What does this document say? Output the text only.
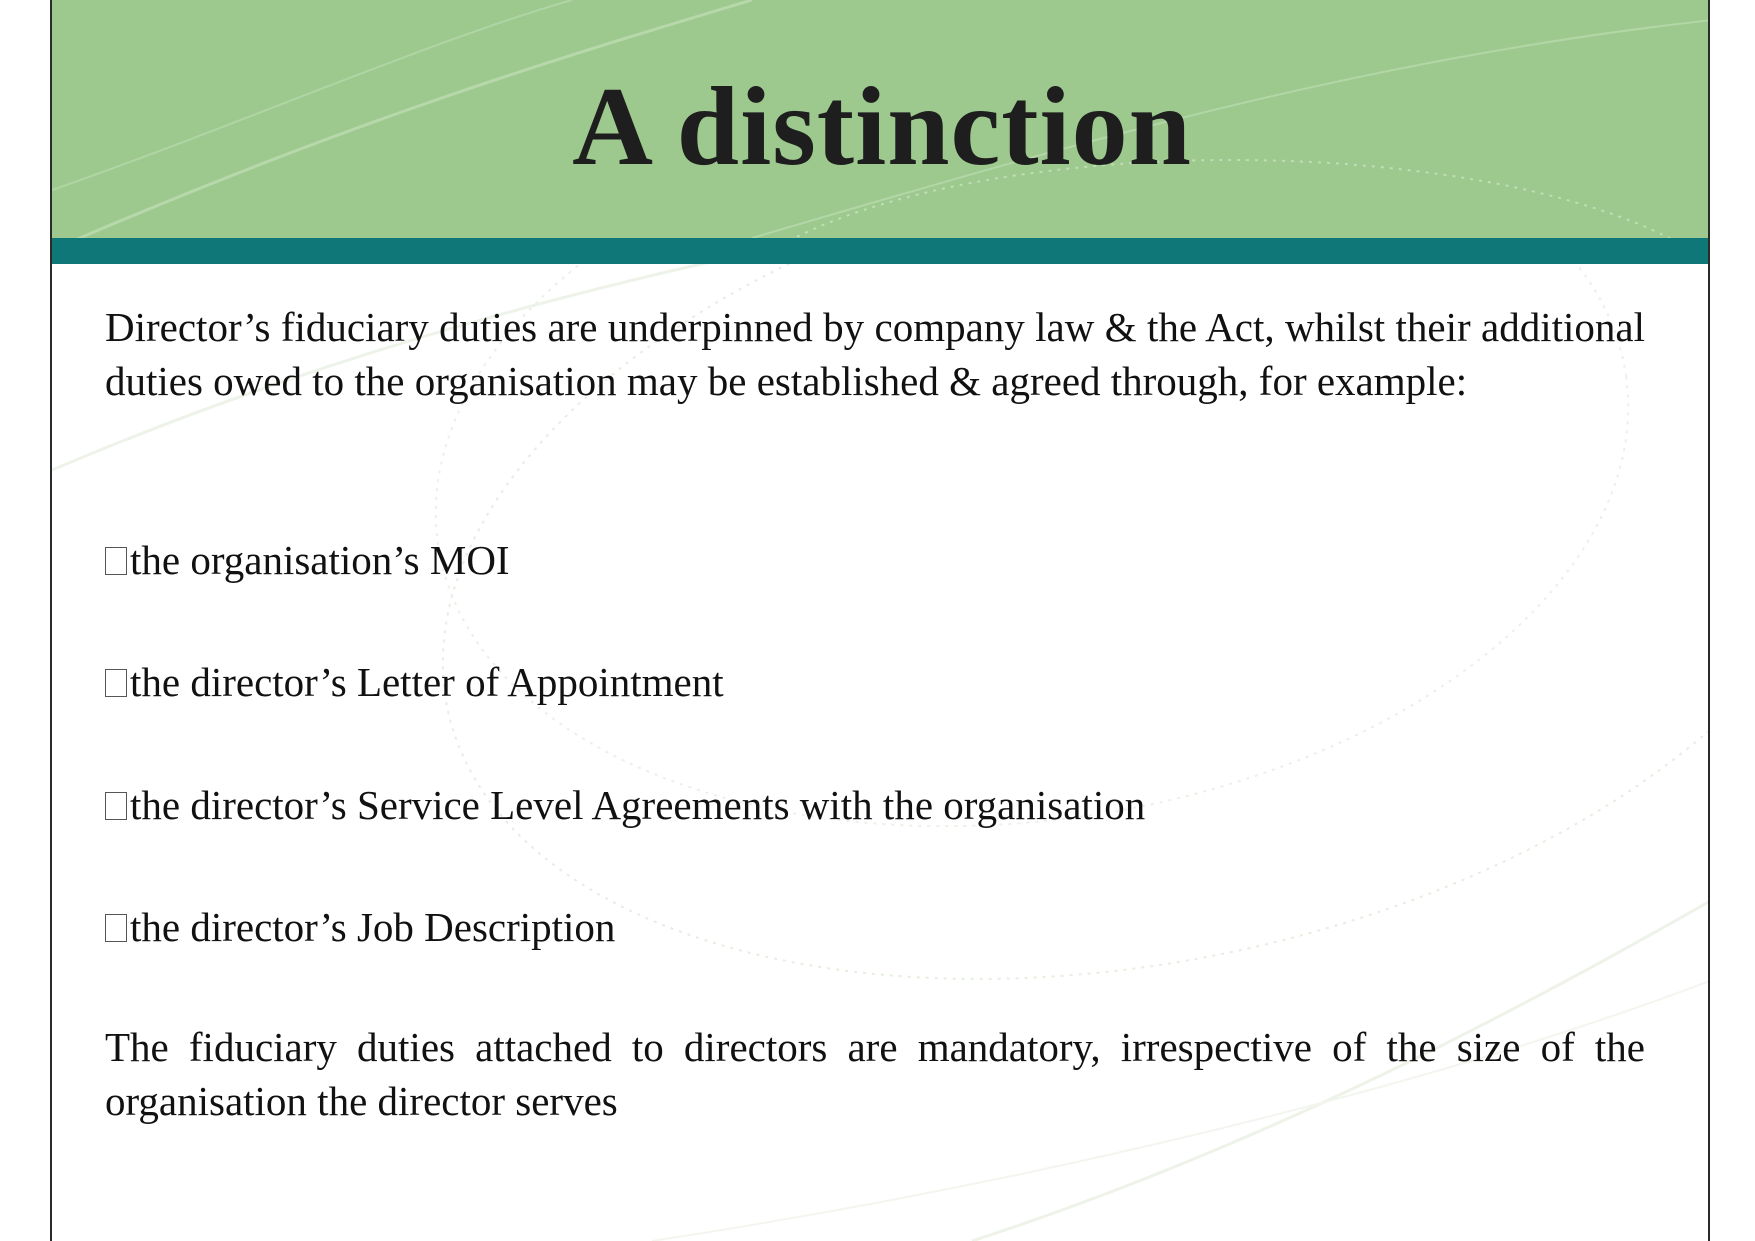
A distinction
Director’s fiduciary duties are underpinned by company law & the Act, whilst their additional duties owed to the organisation may be established & agreed through, for example:
the organisation’s MOI
the director’s Letter of Appointment
the director’s Service Level Agreements with the organisation
the director’s Job Description
The fiduciary duties attached to directors are mandatory, irrespective of the size of the organisation the director serves
